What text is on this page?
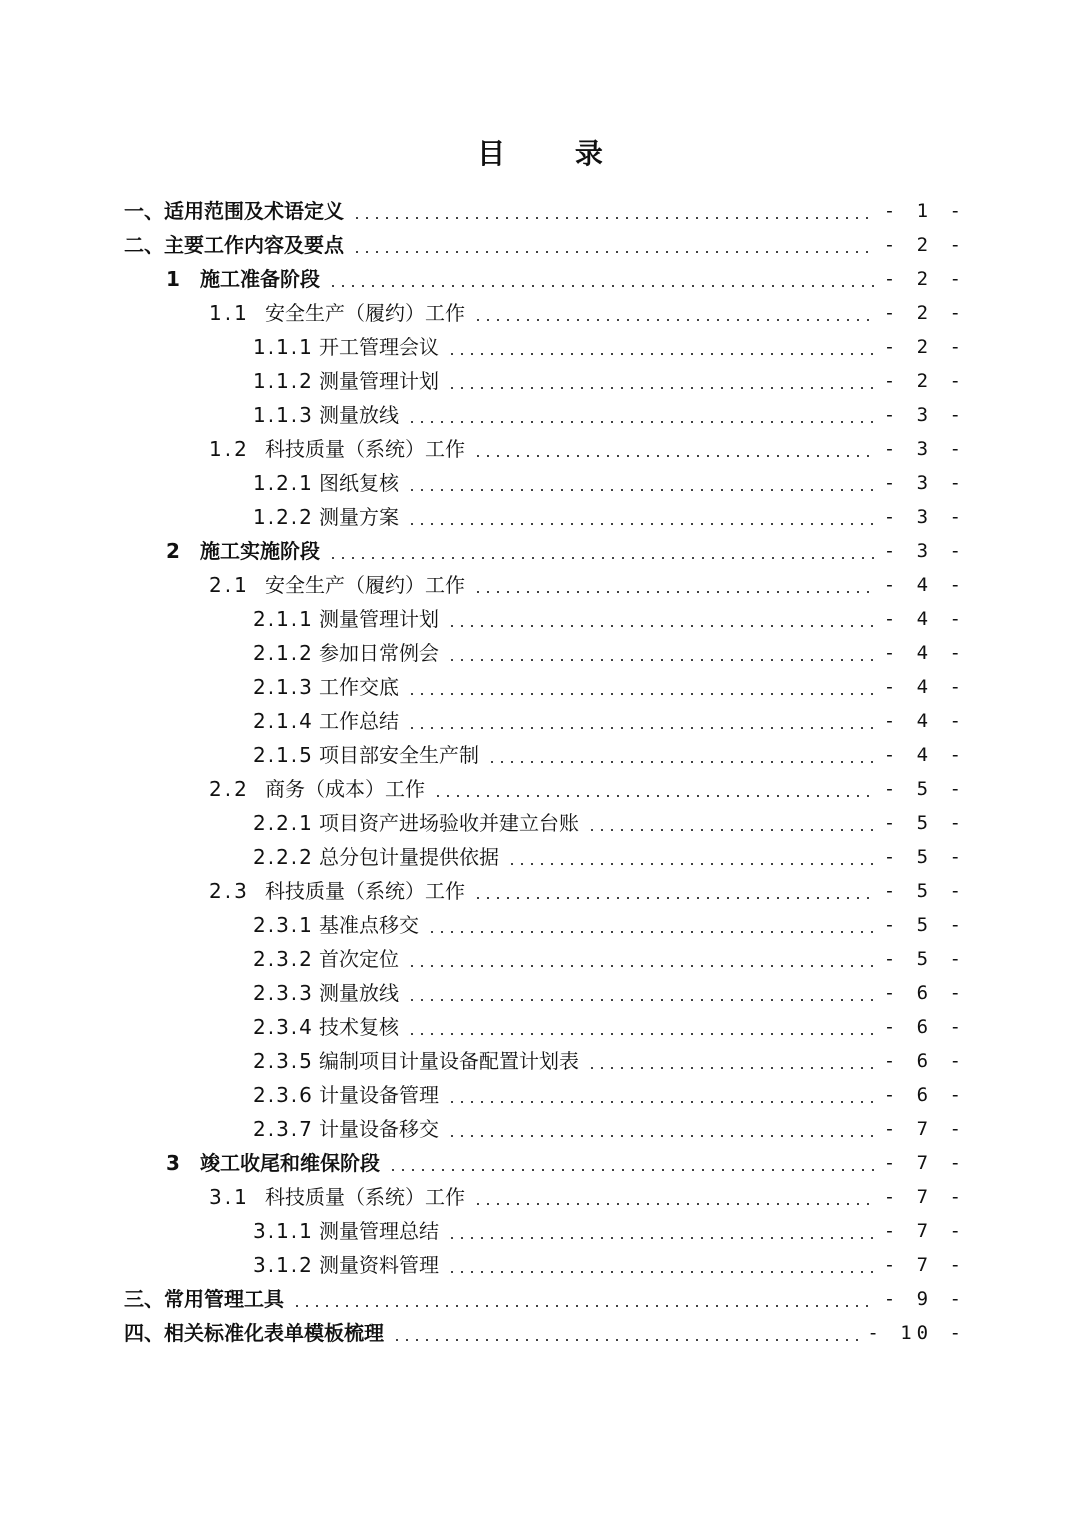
目 录
一、适用范围及术语定义	- 1 -
二、主要工作内容及要点	- 2 -
1 施工准备阶段	- 2 -
1.1 安全生产（履约）工作	- 2 -
1.1.1 开工管理会议	- 2 -
1.1.2 测量管理计划	- 2 -
1.1.3 测量放线	- 3 -
1.2 科技质量（系统）工作	- 3 -
1.2.1 图纸复核	- 3 -
1.2.2 测量方案	- 3 -
2 施工实施阶段	- 3 -
2.1 安全生产（履约）工作	- 4 -
2.1.1 测量管理计划	- 4 -
2.1.2 参加日常例会	- 4 -
2.1.3 工作交底	- 4 -
2.1.4 工作总结	- 4 -
2.1.5 项目部安全生产制	- 4 -
2.2 商务（成本）工作	- 5 -
2.2.1 项目资产进场验收并建立台账	- 5 -
2.2.2 总分包计量提供依据	- 5 -
2.3 科技质量（系统）工作	- 5 -
2.3.1 基准点移交	- 5 -
2.3.2 首次定位	- 5 -
2.3.3 测量放线	- 6 -
2.3.4 技术复核	- 6 -
2.3.5 编制项目计量设备配置计划表	- 6 -
2.3.6 计量设备管理	- 6 -
2.3.7 计量设备移交	- 7 -
3 竣工收尾和维保阶段	- 7 -
3.1 科技质量（系统）工作	- 7 -
3.1.1 测量管理总结	- 7 -
3.1.2 测量资料管理	- 7 -
三、常用管理工具	- 9 -
四、相关标准化表单模板梳理	- 10 -
